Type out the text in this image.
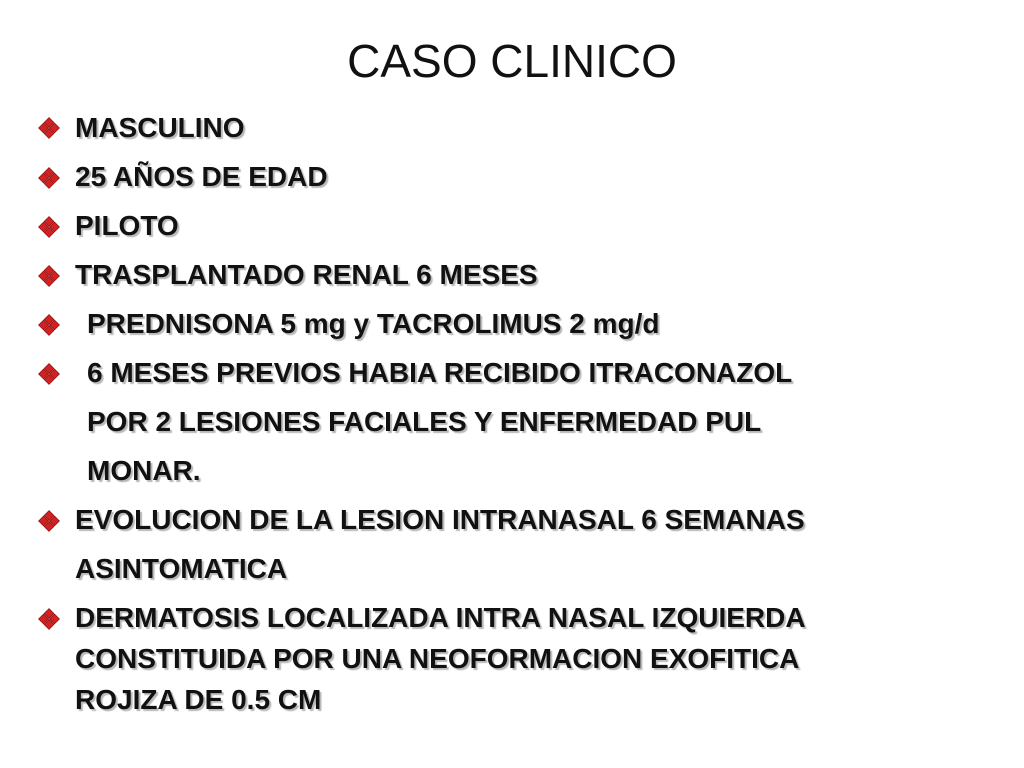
CASO CLINICO
MASCULINO
25 AÑOS DE EDAD
PILOTO
TRASPLANTADO RENAL 6 MESES
PREDNISONA 5 mg y TACROLIMUS 2 mg/d
6 MESES PREVIOS HABIA RECIBIDO ITRACONAZOL
POR 2 LESIONES FACIALES Y ENFERMEDAD PUL
MONAR.
EVOLUCION DE LA LESION INTRANASAL 6 SEMANAS
ASINTOMATICA
DERMATOSIS LOCALIZADA INTRA NASAL IZQUIERDA
CONSTITUIDA POR UNA NEOFORMACION EXOFITICA
ROJIZA DE 0.5 CM
